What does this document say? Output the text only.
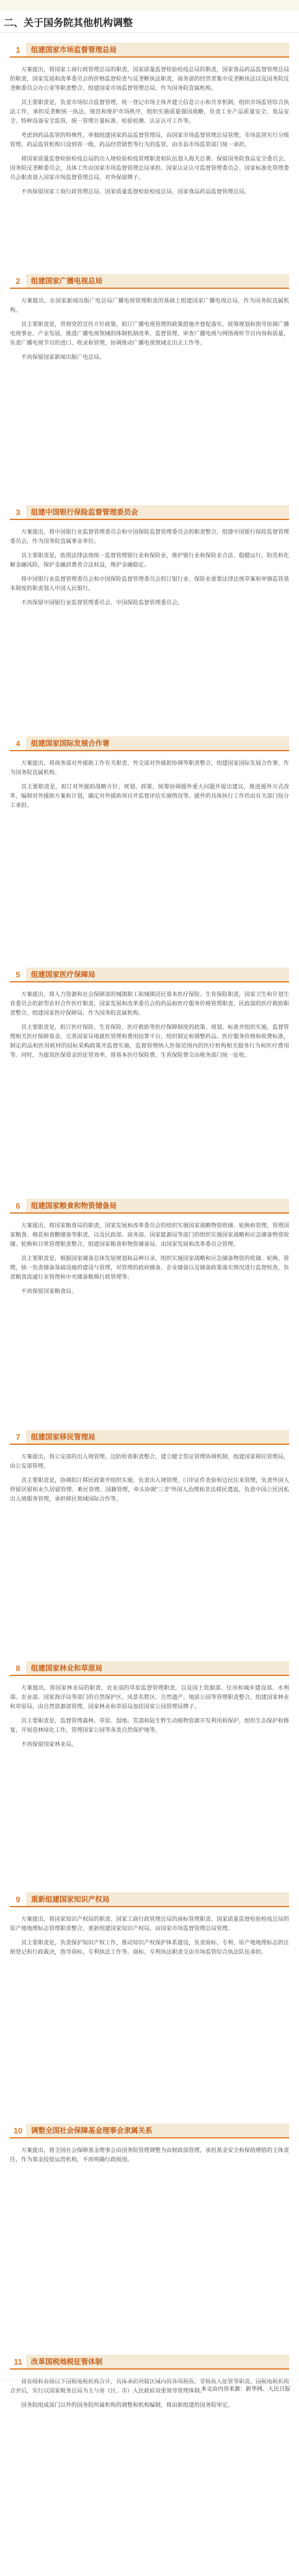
二、关于国务院其他机构调整
1	组建国家市场监督管理总局

方案提出，将国家工商行政管理总局的职责，国家质量监督检验检疫总局的职责，国家食品药品监督管理总局的职责，国家发展和改革委员会的价格监督检查与反垄断执法职责，商务部的经营者集中反垄断执法以及国务院反垄断委员会办公室等职责整合，组建国家市场监督管理总局，作为国务院直属机构。

其主要职责是，负责市场综合监督管理，统一登记市场主体并建立信息公示和共享机制，组织市场监管综合执法工作，承担反垄断统一执法，规范和维护市场秩序，组织实施质量强国战略，负责工业产品质量安全、食品安全、特种设备安全监管，统一管理计量标准、检验检测、认证认可工作等。

考虑到药品监管的特殊性，单独组建国家药品监督管理局，由国家市场监督管理总局管理。市场监管实行分级管理，药品监管机构只设到省一级，药品经营销售等行为的监管，由市县市场监管部门统一承担。

将国家质量监督检验检疫总局的出入境检验检疫管理职责和队伍划入海关总署。保留国务院食品安全委员会、国务院反垄断委员会，具体工作由国家市场监督管理总局承担。国家认证认可监督管理委员会、国家标准化管理委员会职责划入国家市场监督管理总局，对外保留牌子。

不再保留国家工商行政管理总局、国家质量监督检验检疫总局、国家食品药品监督管理总局。

2	组建国家广播电视总局

方案提出，在国家新闻出版广电总局广播电视管理职责的基础上组建国家广播电视总局，作为国务院直属机构。

其主要职责是，贯彻党的宣传方针政策，拟订广播电视管理的政策措施并督促落实，统筹规划和指导协调广播电视事业、产业发展，推进广播电视领域的体制机制改革，监督管理、审查广播电视与网络视听节目内容和质量，负责广播电视节目的进口、收录和管理，协调推动广播电视领域走出去工作等。

不再保留国家新闻出版广电总局。

3	组建中国银行保险监督管理委员会

方案提出，将中国银行业监督管理委员会和中国保险监督管理委员会的职责整合，组建中国银行保险监督管理委员会，作为国务院直属事业单位。

其主要职责是，依照法律法规统一监督管理银行业和保险业，维护银行业和保险业合法、稳健运行，防范和化解金融风险，保护金融消费者合法权益，维护金融稳定。

将中国银行业监督管理委员会和中国保险监督管理委员会拟订银行业、保险业重要法律法规草案和审慎监管基本制度的职责划入中国人民银行。

不再保留中国银行业监督管理委员会、中国保险监督管理委员会。

4	组建国家国际发展合作署

方案提出，将商务部对外援助工作有关职责、外交部对外援助协调等职责整合，组建国家国际发展合作署，作为国务院直属机构。

其主要职责是，拟订对外援助战略方针、规划、政策，统筹协调援外重大问题并提出建议，推进援外方式改革，编制对外援助方案和计划，确定对外援助项目并监督评估实施情况等。援外的具体执行工作仍由有关部门按分工承担。

5	组建国家医疗保障局

方案提出，将人力资源和社会保障部的城镇职工和城镇居民基本医疗保险、生育保险职责，国家卫生和计划生育委员会的新型农村合作医疗职责，国家发展和改革委员会的药品和医疗服务价格管理职责，民政部的医疗救助职责整合，组建国家医疗保障局，作为国务院直属机构。

其主要职责是，拟订医疗保险、生育保险、医疗救助等医疗保障制度的政策、规划、标准并组织实施，监督管理相关医疗保障基金，完善国家异地就医管理和费用结算平台，组织制定和调整药品、医疗服务价格和收费标准，制定药品和医用耗材的招标采购政策并监督实施，监督管理纳入医保范围内的医疗机构相关服务行为和医疗费用等。同时，为提高医保资金的征管效率，将基本医疗保险费、生育保险费交由税务部门统一征收。

6	组建国家粮食和物资储备局

方案提出，将国家粮食局的职责，国家发展和改革委员会的组织实施国家战略物资收储、轮换和管理，管理国家粮食、棉花和食糖储备等职责，以及民政部、商务部、国家能源局等部门的组织实施国家战略和应急储备物资收储、轮换和日常管理职责整合，组建国家粮食和物资储备局，由国家发展和改革委员会管理。

其主要职责是，根据国家储备总体发展规划和品种目录，组织实施国家战略和应急储备物资的收储、轮换、管理，统一负责储备基础设施的建设与管理，对管理的政府储备、企业储备以及储备政策落实情况进行监督检查，负责粮食流通行业管理和中央储备粮棉行政管理等。

不再保留国家粮食局。

7	组建国家移民管理局

方案提出，将公安部的出入境管理、边防检查职责整合，建立健全签证管理协调机制，组建国家移民管理局，由公安部管理。

其主要职责是，协调拟订移民政策并组织实施，负责出入境管理、口岸证件查验和边民往来管理，负责外国人停留居留和永久居留管理、难民管理、国籍管理，牵头协调"三非"外国人治理和非法移民遣返，负责中国公民因私出入境服务管理，承担移民领域国际合作等。

8	组建国家林业和草原局

方案提出，将国家林业局的职责，农业部的草原监督管理职责，以及国土资源部、住房和城乡建设部、水利部、农业部、国家海洋局等部门的自然保护区、风景名胜区、自然遗产、地质公园等管理职责整合，组建国家林业和草原局，由自然资源部管理。国家林业和草原局加挂国家公园管理局牌子。

其主要职责是，监督管理森林、草原、湿地、荒漠和陆生野生动植物资源开发利用和保护，组织生态保护和修复，开展造林绿化工作，管理国家公园等各类自然保护地等。

不再保留国家林业局。

9	重新组建国家知识产权局

方案提出，将国家知识产权局的职责、国家工商行政管理总局的商标管理职责、国家质量监督检验检疫总局的原产地地理标志管理职责整合，重新组建国家知识产权局，由国家市场监督管理总局管理。

其主要职责是，负责保护知识产权工作，推动知识产权保护体系建设，负责商标、专利、原产地地理标志的注册登记和行政裁决，指导商标、专利执法工作等。商标、专利执法职责交由市场监管综合执法队伍承担。

10	调整全国社会保障基金理事会隶属关系

方案提出，将全国社会保障基金理事会由国务院管理调整为由财政部管理，承担基金安全和保值增值的主体责任，作为基金投资运营机构，不再明确行政级别。

11	改革国税地税征管体制

将省级和省级以下国税地税机构合并，具体承担所辖区域内的各项税收、非税收入征管等职责。国税地税机构合并后，实行以国家税务总局为主与省（区、市）人民政府双重领导管理体制。

国务院组成部门以外的国务院所属机构的调整和机构编制，将由新组建的国务院审定。

本文由内容来源：新华网、人民日报
